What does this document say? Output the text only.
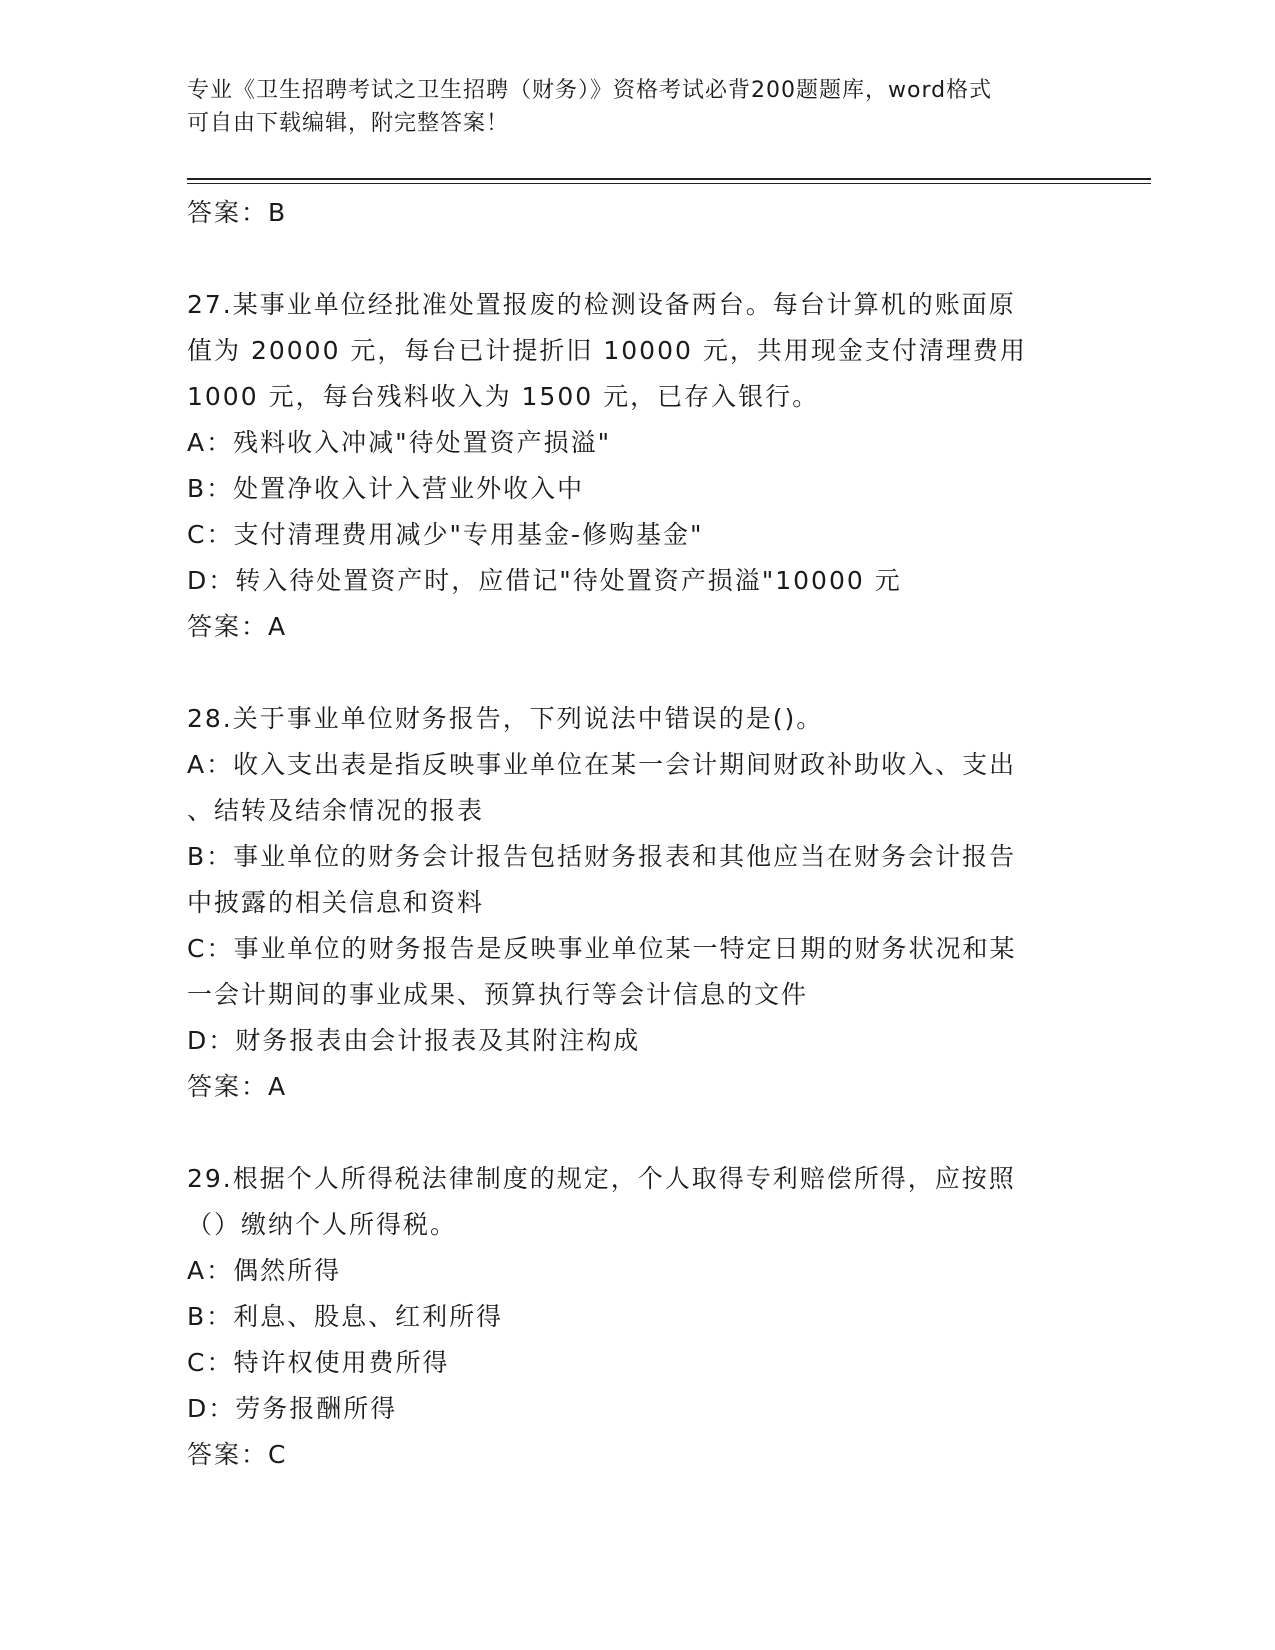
专业《卫生招聘考试之卫生招聘（财务）》资格考试必背200题题库，word格式
可自由下载编辑，附完整答案！
答案：B
27.某事业单位经批准处置报废的检测设备两台。每台计算机的账面原
值为 20000 元，每台已计提折旧 10000 元，共用现金支付清理费用
1000 元，每台残料收入为 1500 元，已存入银行。
A：残料收入冲减"待处置资产损溢"
B：处置净收入计入营业外收入中
C：支付清理费用减少"专用基金-修购基金"
D：转入待处置资产时，应借记"待处置资产损溢"10000 元
答案：A
28.关于事业单位财务报告，下列说法中错误的是()。
A：收入支出表是指反映事业单位在某一会计期间财政补助收入、支出
、结转及结余情况的报表
B：事业单位的财务会计报告包括财务报表和其他应当在财务会计报告
中披露的相关信息和资料
C：事业单位的财务报告是反映事业单位某一特定日期的财务状况和某
一会计期间的事业成果、预算执行等会计信息的文件
D：财务报表由会计报表及其附注构成
答案：A
29.根据个人所得税法律制度的规定，个人取得专利赔偿所得，应按照
（）缴纳个人所得税。
A：偶然所得
B：利息、股息、红利所得
C：特许权使用费所得
D：劳务报酬所得
答案：C
